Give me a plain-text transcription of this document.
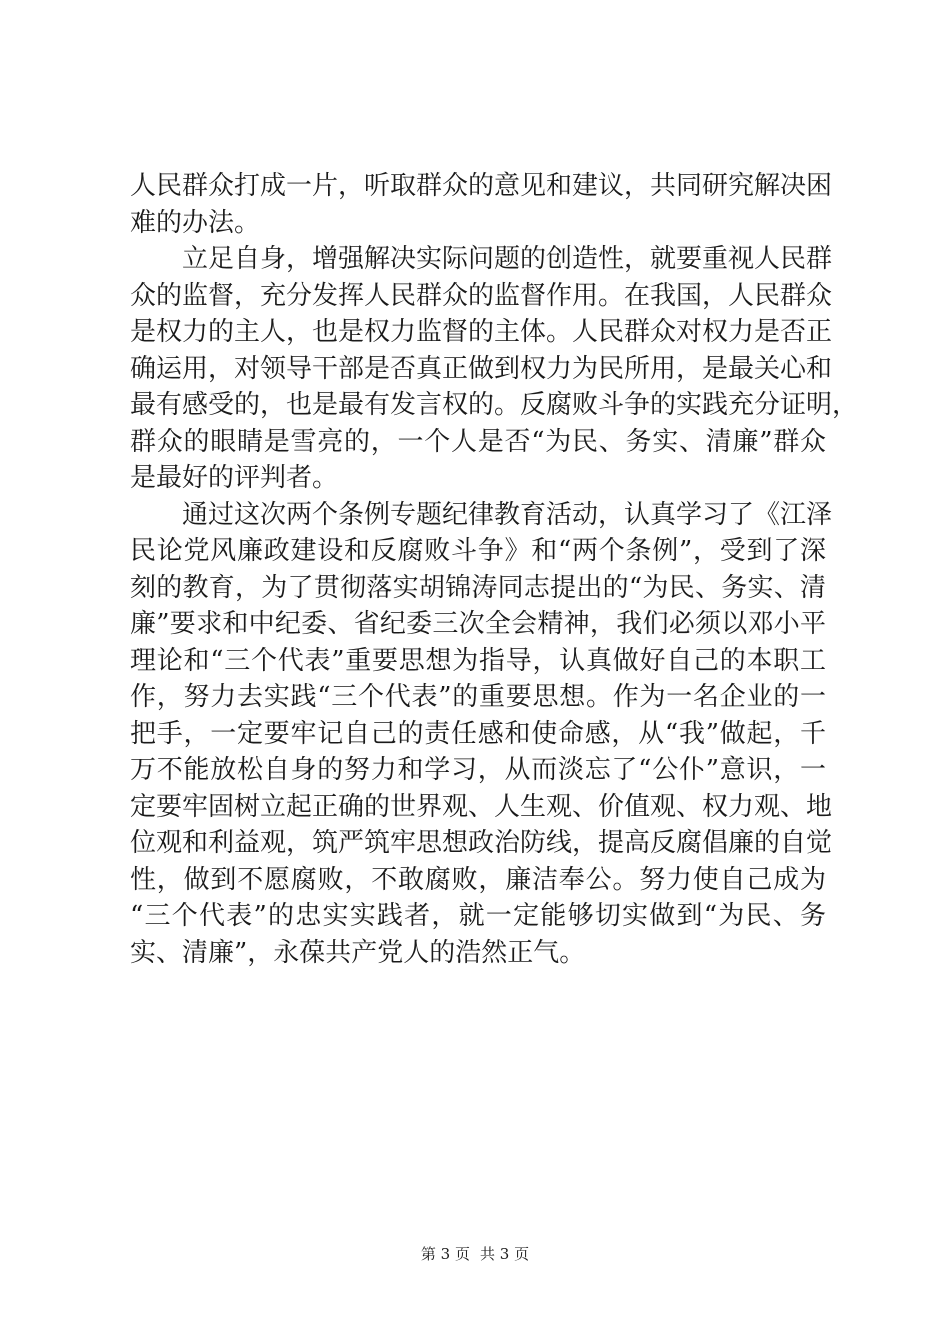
人民群众打成一片，听取群众的意见和建议，共同研究解决困
难的办法。
　　立足自身，增强解决实际问题的创造性，就要重视人民群
众的监督，充分发挥人民群众的监督作用。在我国，人民群众
是权力的主人，也是权力监督的主体。人民群众对权力是否正
确运用，对领导干部是否真正做到权力为民所用，是最关心和
最有感受的，也是最有发言权的。反腐败斗争的实践充分证明，
群众的眼睛是雪亮的，一个人是否“为民、务实、清廉”群众
是最好的评判者。
　　通过这次两个条例专题纪律教育活动，认真学习了《江泽
民论党风廉政建设和反腐败斗争》和“两个条例”，受到了深
刻的教育，为了贯彻落实胡锦涛同志提出的“为民、务实、清
廉”要求和中纪委、省纪委三次全会精神，我们必须以邓小平
理论和“三个代表”重要思想为指导，认真做好自己的本职工
作，努力去实践“三个代表”的重要思想。作为一名企业的一
把手，一定要牢记自己的责任感和使命感，从“我”做起，千
万不能放松自身的努力和学习，从而淡忘了“公仆”意识，一
定要牢固树立起正确的世界观、人生观、价值观、权力观、地
位观和利益观，筑严筑牢思想政治防线，提高反腐倡廉的自觉
性，做到不愿腐败，不敢腐败，廉洁奉公。努力使自己成为
“三个代表”的忠实实践者，就一定能够切实做到“为民、务
实、清廉”，永葆共产党人的浩然正气。
第 3 页 共 3 页
